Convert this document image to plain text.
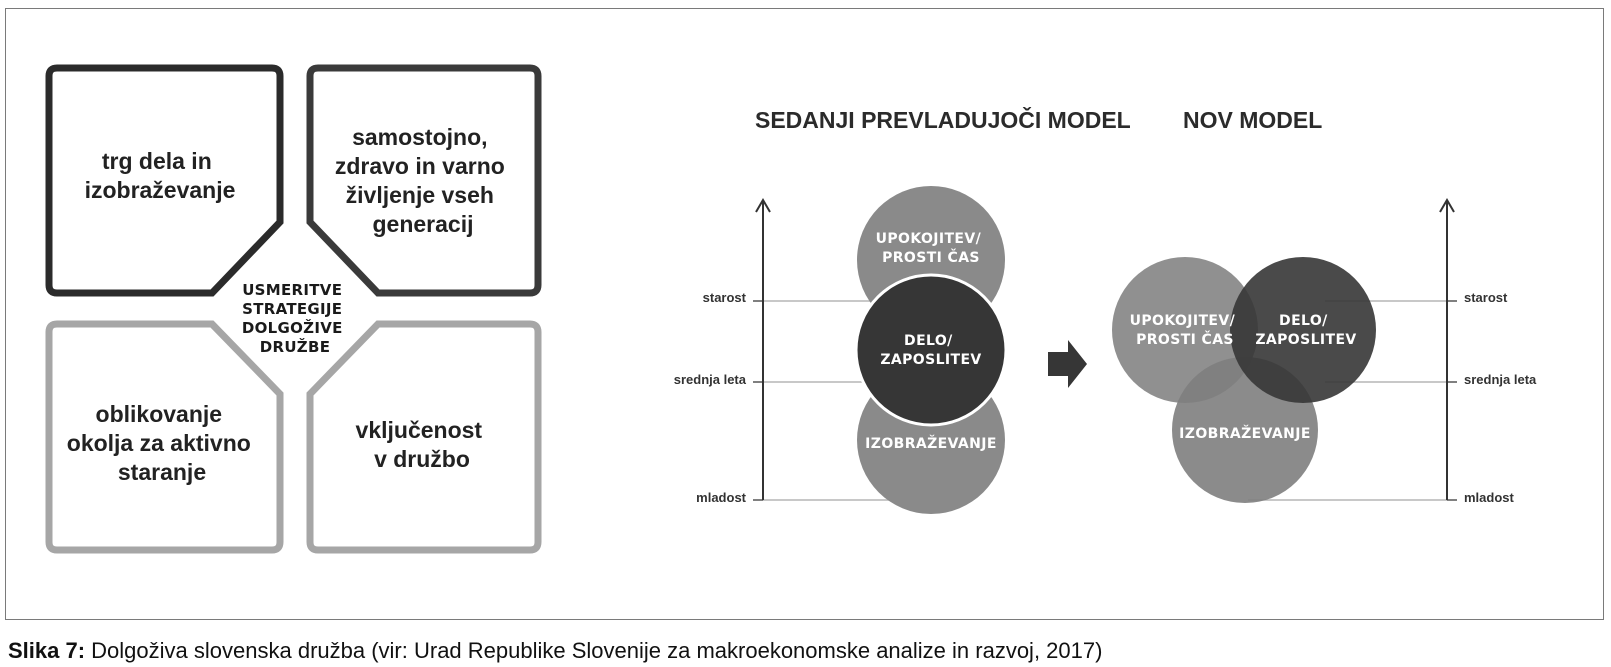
trg dela in izobraževanje
samostojno, zdravo in varno življenje vseh generacij
oblikovanje okolja za aktivno staranje
vključenost v družbo
USMERITVE STRATEGIJE DOLGOŽIVE DRUŽBE
SEDANJI PREVLADUJOČI MODEL NOV MODEL
starost
srednja leta
mladost
starost
srednja leta
mladost
UPOKOJITEV/ PROSTI ČAS
DELO/ ZAPOSLITEV
IZOBRAŽEVANJE
UPOKOJITEV/ PROSTI ČAS
DELO/ ZAPOSLITEV
IZOBRAŽEVANJE
Slika 7: Dolgoživa slovenska družba (vir: Urad Republike Slovenije za makroekonomske analize in razvoj, 2017)
